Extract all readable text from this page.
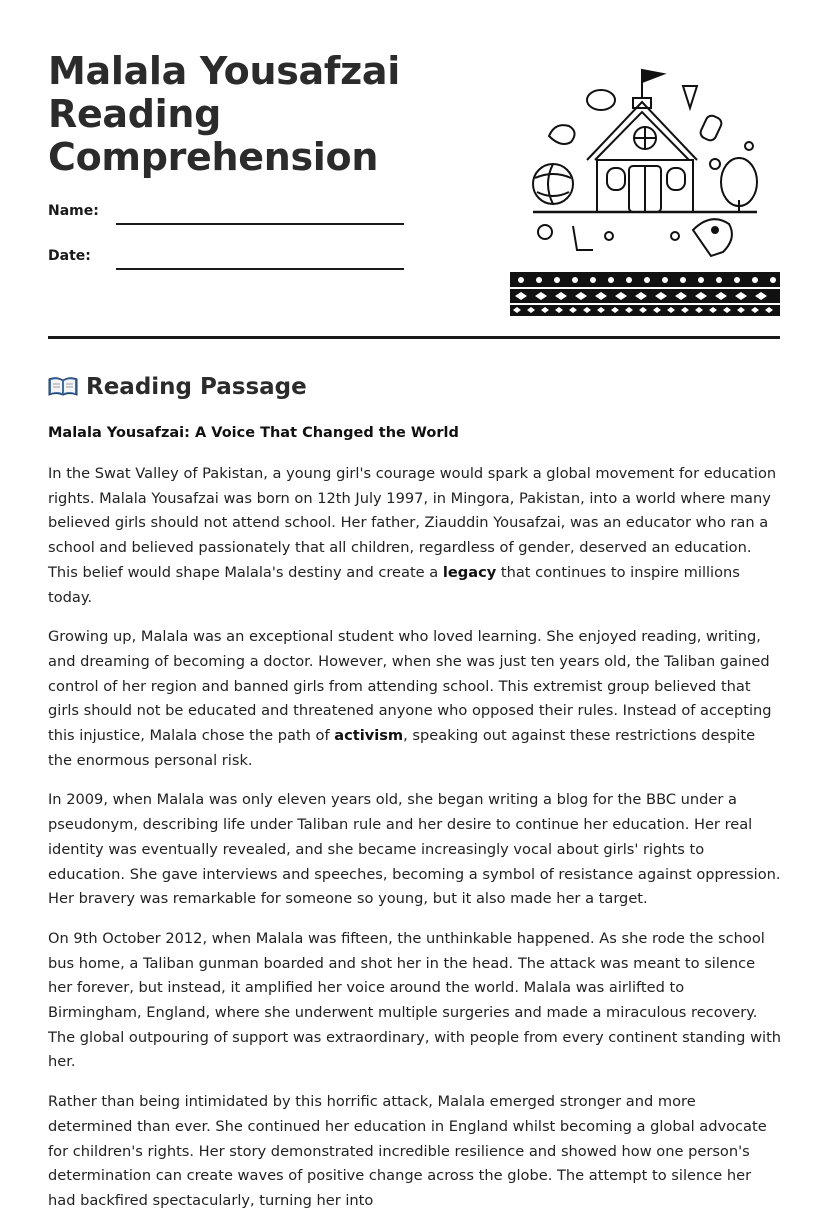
Malala Yousafzai Reading Comprehension
Name:
Date:
Reading Passage
Malala Yousafzai: A Voice That Changed the World

In the Swat Valley of Pakistan, a young girl's courage would spark a global movement for education rights. Malala Yousafzai was born on 12th July 1997, in Mingora, Pakistan, into a world where many believed girls should not attend school. Her father, Ziauddin Yousafzai, was an educator who ran a school and believed passionately that all children, regardless of gender, deserved an education. This belief would shape Malala's destiny and create a legacy that continues to inspire millions today.

Growing up, Malala was an exceptional student who loved learning. She enjoyed reading, writing, and dreaming of becoming a doctor. However, when she was just ten years old, the Taliban gained control of her region and banned girls from attending school. This extremist group believed that girls should not be educated and threatened anyone who opposed their rules. Instead of accepting this injustice, Malala chose the path of activism, speaking out against these restrictions despite the enormous personal risk.

In 2009, when Malala was only eleven years old, she began writing a blog for the BBC under a pseudonym, describing life under Taliban rule and her desire to continue her education. Her real identity was eventually revealed, and she became increasingly vocal about girls' rights to education. She gave interviews and speeches, becoming a symbol of resistance against oppression. Her bravery was remarkable for someone so young, but it also made her a target.

On 9th October 2012, when Malala was fifteen, the unthinkable happened. As she rode the school bus home, a Taliban gunman boarded and shot her in the head. The attack was meant to silence her forever, but instead, it amplified her voice around the world. Malala was airlifted to Birmingham, England, where she underwent multiple surgeries and made a miraculous recovery. The global outpouring of support was extraordinary, with people from every continent standing with her.

Rather than being intimidated by this horrific attack, Malala emerged stronger and more determined than ever. She continued her education in England whilst becoming a global advocate for children's rights. Her story demonstrated incredible resilience and showed how one person's determination can create waves of positive change across the globe. The attempt to silence her had backfired spectacularly, turning her into
